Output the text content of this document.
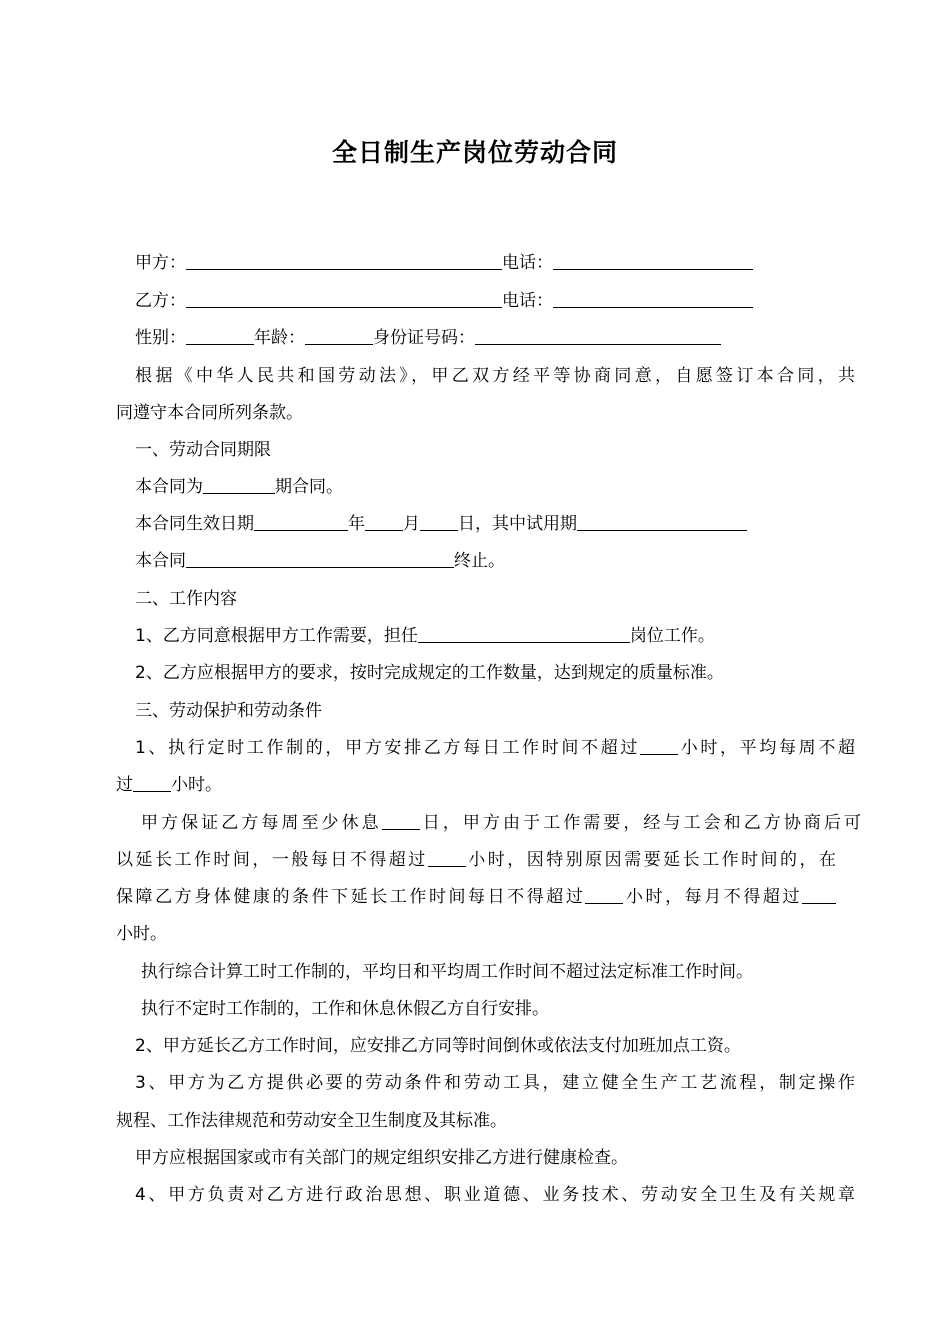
全日制生产岗位劳动合同
甲方：	电话：
乙方：	电话：
性别：	年龄：	身份证号码：
根据《中华人民共和国劳动法》，甲乙双方经平等协商同意，自愿签订本合同，共
同遵守本合同所列条款。
一、劳动合同期限
本合同为	期合同。
本合同生效日期	年 月 日，其中试用期
本合同	终止。
二、工作内容
1、乙方同意根据甲方工作需要，担任	岗位工作。
2、乙方应根据甲方的要求，按时完成规定的工作数量，达到规定的质量标准。
三、劳动保护和劳动条件
1、执行定时工作制的，甲方安排乙方每日工作时间不超过 小时，平均每周不超
过 小时。
甲方保证乙方每周至少休息 日，甲方由于工作需要，经与工会和乙方协商后可
以延长工作时间，一般每日不得超过 小时，因特别原因需要延长工作时间的，在
保障乙方身体健康的条件下延长工作时间每日不得超过 小时，每月不得超过
小时。
执行综合计算工时工作制的，平均日和平均周工作时间不超过法定标准工作时间。
执行不定时工作制的，工作和休息休假乙方自行安排。
2、甲方延长乙方工作时间，应安排乙方同等时间倒休或依法支付加班加点工资。
3、甲方为乙方提供必要的劳动条件和劳动工具，建立健全生产工艺流程，制定操作
规程、工作法律规范和劳动安全卫生制度及其标准。
甲方应根据国家或市有关部门的规定组织安排乙方进行健康检查。
4、甲方负责对乙方进行政治思想、职业道德、业务技术、劳动安全卫生及有关规章
